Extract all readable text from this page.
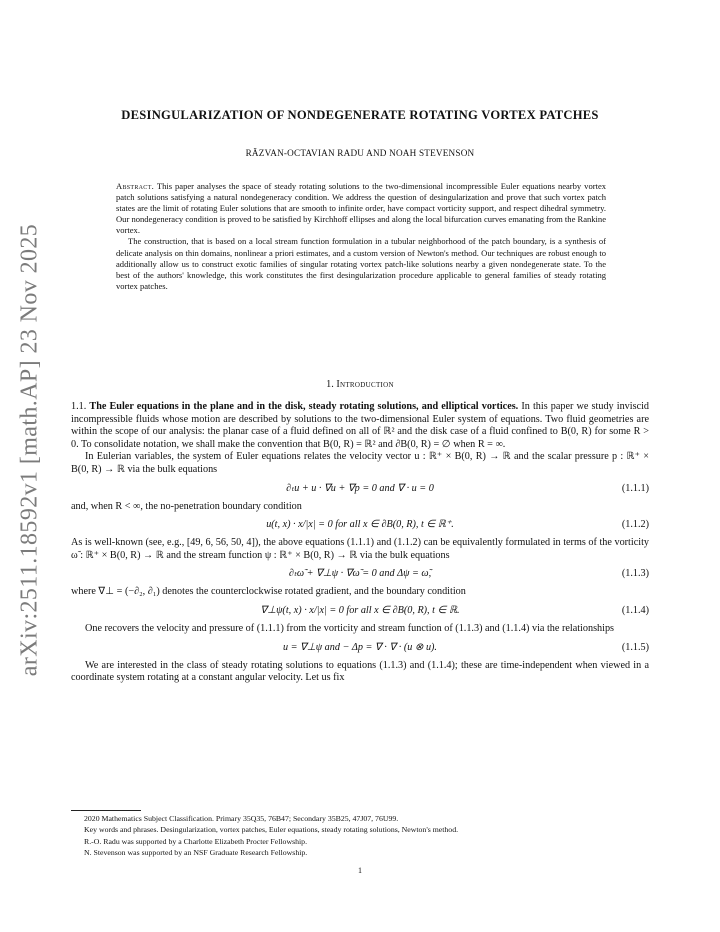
arXiv:2511.18592v1 [math.AP] 23 Nov 2025
DESINGULARIZATION OF NONDEGENERATE ROTATING VORTEX PATCHES
RĂZVAN-OCTAVIAN RADU AND NOAH STEVENSON

Abstract. This paper analyses the space of steady rotating solutions to the two-dimensional incompressible Euler equations nearby vortex patch solutions satisfying a natural nondegeneracy condition. We address the question of desingularization and prove that such vortex patch states are the limit of rotating Euler solutions that are smooth to infinite order, have compact vorticity support, and respect dihedral symmetry. Our nondegeneracy condition is proved to be satisfied by Kirchhoff ellipses and along the local bifurcation curves emanating from the Rankine vortex.

The construction, that is based on a local stream function formulation in a tubular neighborhood of the patch boundary, is a synthesis of delicate analysis on thin domains, nonlinear a priori estimates, and a custom version of Newton's method. Our techniques are robust enough to additionally allow us to construct exotic families of singular rotating vortex patch-like solutions nearby a given nondegenerate state. To the best of the authors' knowledge, this work constitutes the first desingularization procedure applicable to general families of steady rotating vortex patches.

1. Introduction

1.1. The Euler equations in the plane and in the disk, steady rotating solutions, and elliptical vortices. In this paper we study inviscid incompressible fluids whose motion are described by solutions to the two-dimensional Euler system of equations. Two fluid geometries are within the scope of our analysis: the planar case of a fluid defined on all of ℝ² and the disk case of a fluid confined to B(0, R) for some R > 0. To consolidate notation, we shall make the convention that B(0, R) = ℝ² and ∂B(0, R) = ∅ when R = ∞.

In Eulerian variables, the system of Euler equations relates the velocity vector u : ℝ⁺ × B(0, R) → ℝ and the scalar pressure p : ℝ⁺ × B(0, R) → ℝ via the bulk equations

∂ₜu + u · ∇u + ∇p = 0 and ∇ · u = 0	(1.1.1)

and, when R < ∞, the no-penetration boundary condition

u(t, x) · x/|x| = 0 for all x ∈ ∂B(0, R), t ∈ ℝ⁺.	(1.1.2)

As is well-known (see, e.g., [49, 6, 56, 50, 4]), the above equations (1.1.1) and (1.1.2) can be equivalently formulated in terms of the vorticity ω̃ : ℝ⁺ × B(0, R) → ℝ and the stream function ψ : ℝ⁺ × B(0, R) → ℝ via the bulk equations

∂ₜω̃ + ∇⊥ψ · ∇ω̃ = 0 and Δψ = ω̃,	(1.1.3)

where ∇⊥ = (−∂₂, ∂₁) denotes the counterclockwise rotated gradient, and the boundary condition

∇⊥ψ(t, x) · x/|x| = 0 for all x ∈ ∂B(0, R), t ∈ ℝ.	(1.1.4)

One recovers the velocity and pressure of (1.1.1) from the vorticity and stream function of (1.1.3) and (1.1.4) via the relationships

u = ∇⊥ψ and − Δp = ∇ · ∇ · (u ⊗ u).	(1.1.5)

We are interested in the class of steady rotating solutions to equations (1.1.3) and (1.1.4); these are time-independent when viewed in a coordinate system rotating at a constant angular velocity. Let us fix

2020 Mathematics Subject Classification. Primary 35Q35, 76B47; Secondary 35B25, 47J07, 76U99.
Key words and phrases. Desingularization, vortex patches, Euler equations, steady rotating solutions, Newton's method.
R.-O. Radu was supported by a Charlotte Elizabeth Procter Fellowship.
N. Stevenson was supported by an NSF Graduate Research Fellowship.
1
